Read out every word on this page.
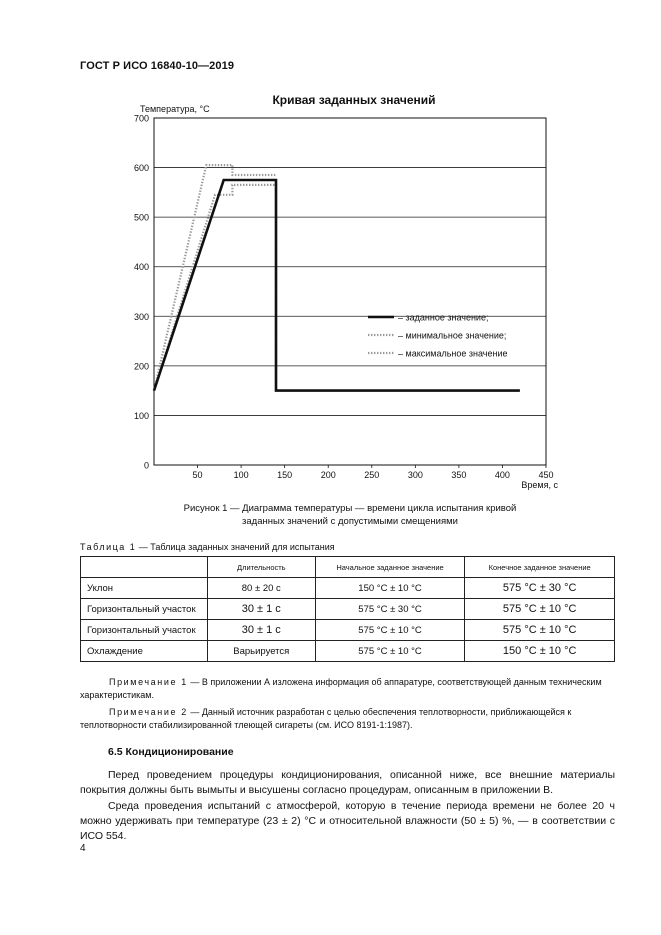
ГОСТ Р ИСО 16840-10—2019
Кривая заданных значений
Температура, °С
0
100
200
300
400
500
600
700
50	100	150	200	250	300	350	400	450
Время, с
– заданное значение;
– минимальное значение;
– максимальное значение
Рисунок 1 — Диаграмма температуры — времени цикла испытания кривой
заданных значений с допустимыми смещениями
Таблица 1 — Таблица заданных значений для испытания
	Длительность	Начальное заданное значение	Конечное заданное значение
Уклон	80 ± 20 с	150 °С ± 10 °С	575 °С ± 30 °С
Горизонтальный участок	30 ± 1 с	575 °С ± 30 °С	575 °С ± 10 °С
Горизонтальный участок	30 ± 1 с	575 °С ± 10 °С	575 °С ± 10 °С
Охлаждение	Варьируется	575 °С ± 10 °С	150 °С ± 10 °С
Примечание 1 — В приложении А изложена информация об аппаратуре, соответствующей данным техническим характеристикам.
Примечание 2 — Данный источник разработан с целью обеспечения теплотворности, приближающейся к теплотворности стабилизированной тлеющей сигареты (см. ИСО 8191-1:1987).
6.5 Кондиционирование
Перед проведением процедуры кондиционирования, описанной ниже, все внешние материалы покрытия должны быть вымыты и высушены согласно процедурам, описанным в приложении В.
Среда проведения испытаний с атмосферой, которую в течение периода времени не более 20 ч можно удерживать при температуре (23 ± 2) °С и относительной влажности (50 ± 5) %, — в соответствии с ИСО 554.
4
